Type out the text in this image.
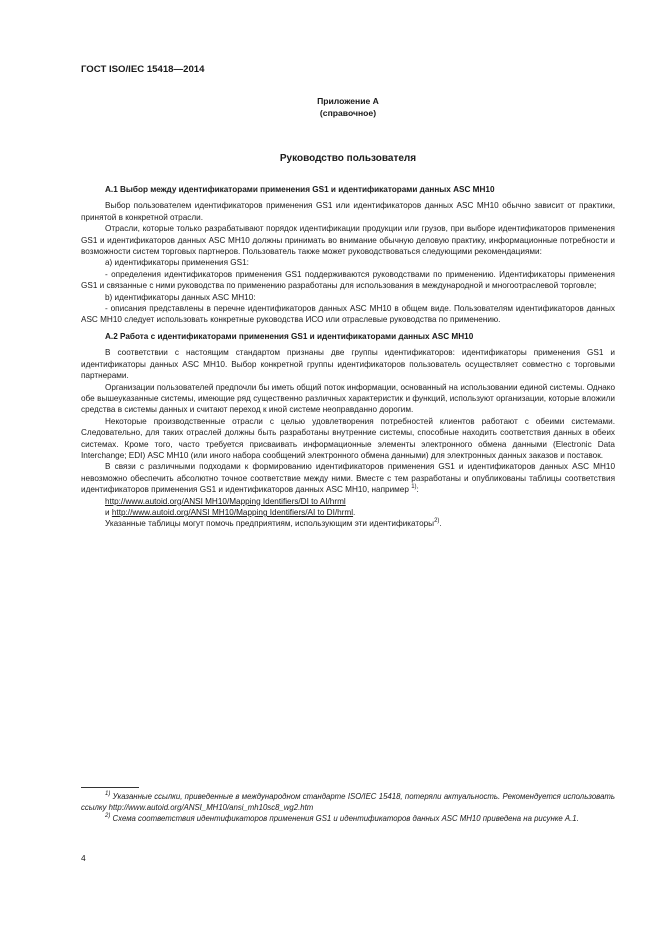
ГОСТ ISO/IEC 15418—2014
Приложение А
(справочное)
Руководство пользователя
А.1 Выбор между идентификаторами применения GS1 и идентификаторами данных ASC MH10

Выбор пользователем идентификаторов применения GS1 или идентификаторов данных ASC MH10 обычно зависит от практики, принятой в конкретной отрасли.

Отрасли, которые только разрабатывают порядок идентификации продукции или грузов, при выборе идентификаторов применения GS1 и идентификаторов данных ASC MH10 должны принимать во внимание обычную деловую практику, информационные потребности и возможности систем торговых партнеров. Пользователь также может руководствоваться следующими рекомендациями:

а) идентификаторы применения GS1:

- определения идентификаторов применения GS1 поддерживаются руководствами по применению. Идентификаторы применения GS1 и связанные с ними руководства по применению разработаны для использования в международной и многоотраслевой торговле;

b) идентификаторы данных ASC MH10:

- описания представлены в перечне идентификаторов данных ASC MH10 в общем виде. Пользователям идентификаторов данных ASC MH10 следует использовать конкретные руководства ИСО или отраслевые руководства по применению.

А.2 Работа с идентификаторами применения GS1 и идентификаторами данных ASC MH10

В соответствии с настоящим стандартом признаны две группы идентификаторов: идентификаторы применения GS1 и идентификаторы данных ASC MH10. Выбор конкретной группы идентификаторов пользователь осуществляет совместно с торговыми партнерами.

Организации пользователей предпочли бы иметь общий поток информации, основанный на использовании единой системы. Однако обе вышеуказанные системы, имеющие ряд существенно различных характеристик и функций, используют организации, которые вложили средства в системы данных и считают переход к иной системе неоправданно дорогим.

Некоторые производственные отрасли с целью удовлетворения потребностей клиентов работают с обеими системами. Следовательно, для таких отраслей должны быть разработаны внутренние системы, способные находить соответствия данных в обеих системах. Кроме того, часто требуется присваивать информационные элементы электронного обмена данными (Electronic Data Interchange; EDI) ASC MH10 (или иного набора сообщений электронного обмена данными) для электронных данных заказов и поставок.

В связи с различными подходами к формированию идентификаторов применения GS1 и идентификаторов данных ASC MH10 невозможно обеспечить абсолютно точное соответствие между ними. Вместе с тем разработаны и опубликованы таблицы соответствия идентификаторов применения GS1 и идентификаторов данных ASC MH10, например $^{1)}$:

http://www.autoid.org/ANSI MH10/Mapping Identifiers/DI to AI/hrml

и http://www.autoid.org/ANSI MH10/Mapping Identifiers/AI to DI/hrml.

Указанные таблицы могут помочь предприятиям, использующим эти идентификаторы$^{2)}$.

$^{1)}$ Указанные ссылки, приведенные в международном стандарте ISO/IEC 15418, потеряли актуальность. Рекомендуется использовать ссылку http://www.autoid.org/ANSI_MH10/ansi_mh10sc8_wg2.htm

$^{2)}$ Схема соответствия идентификаторов применения GS1 и идентификаторов данных ASC MH10 приведена на рисунке А.1.

4
